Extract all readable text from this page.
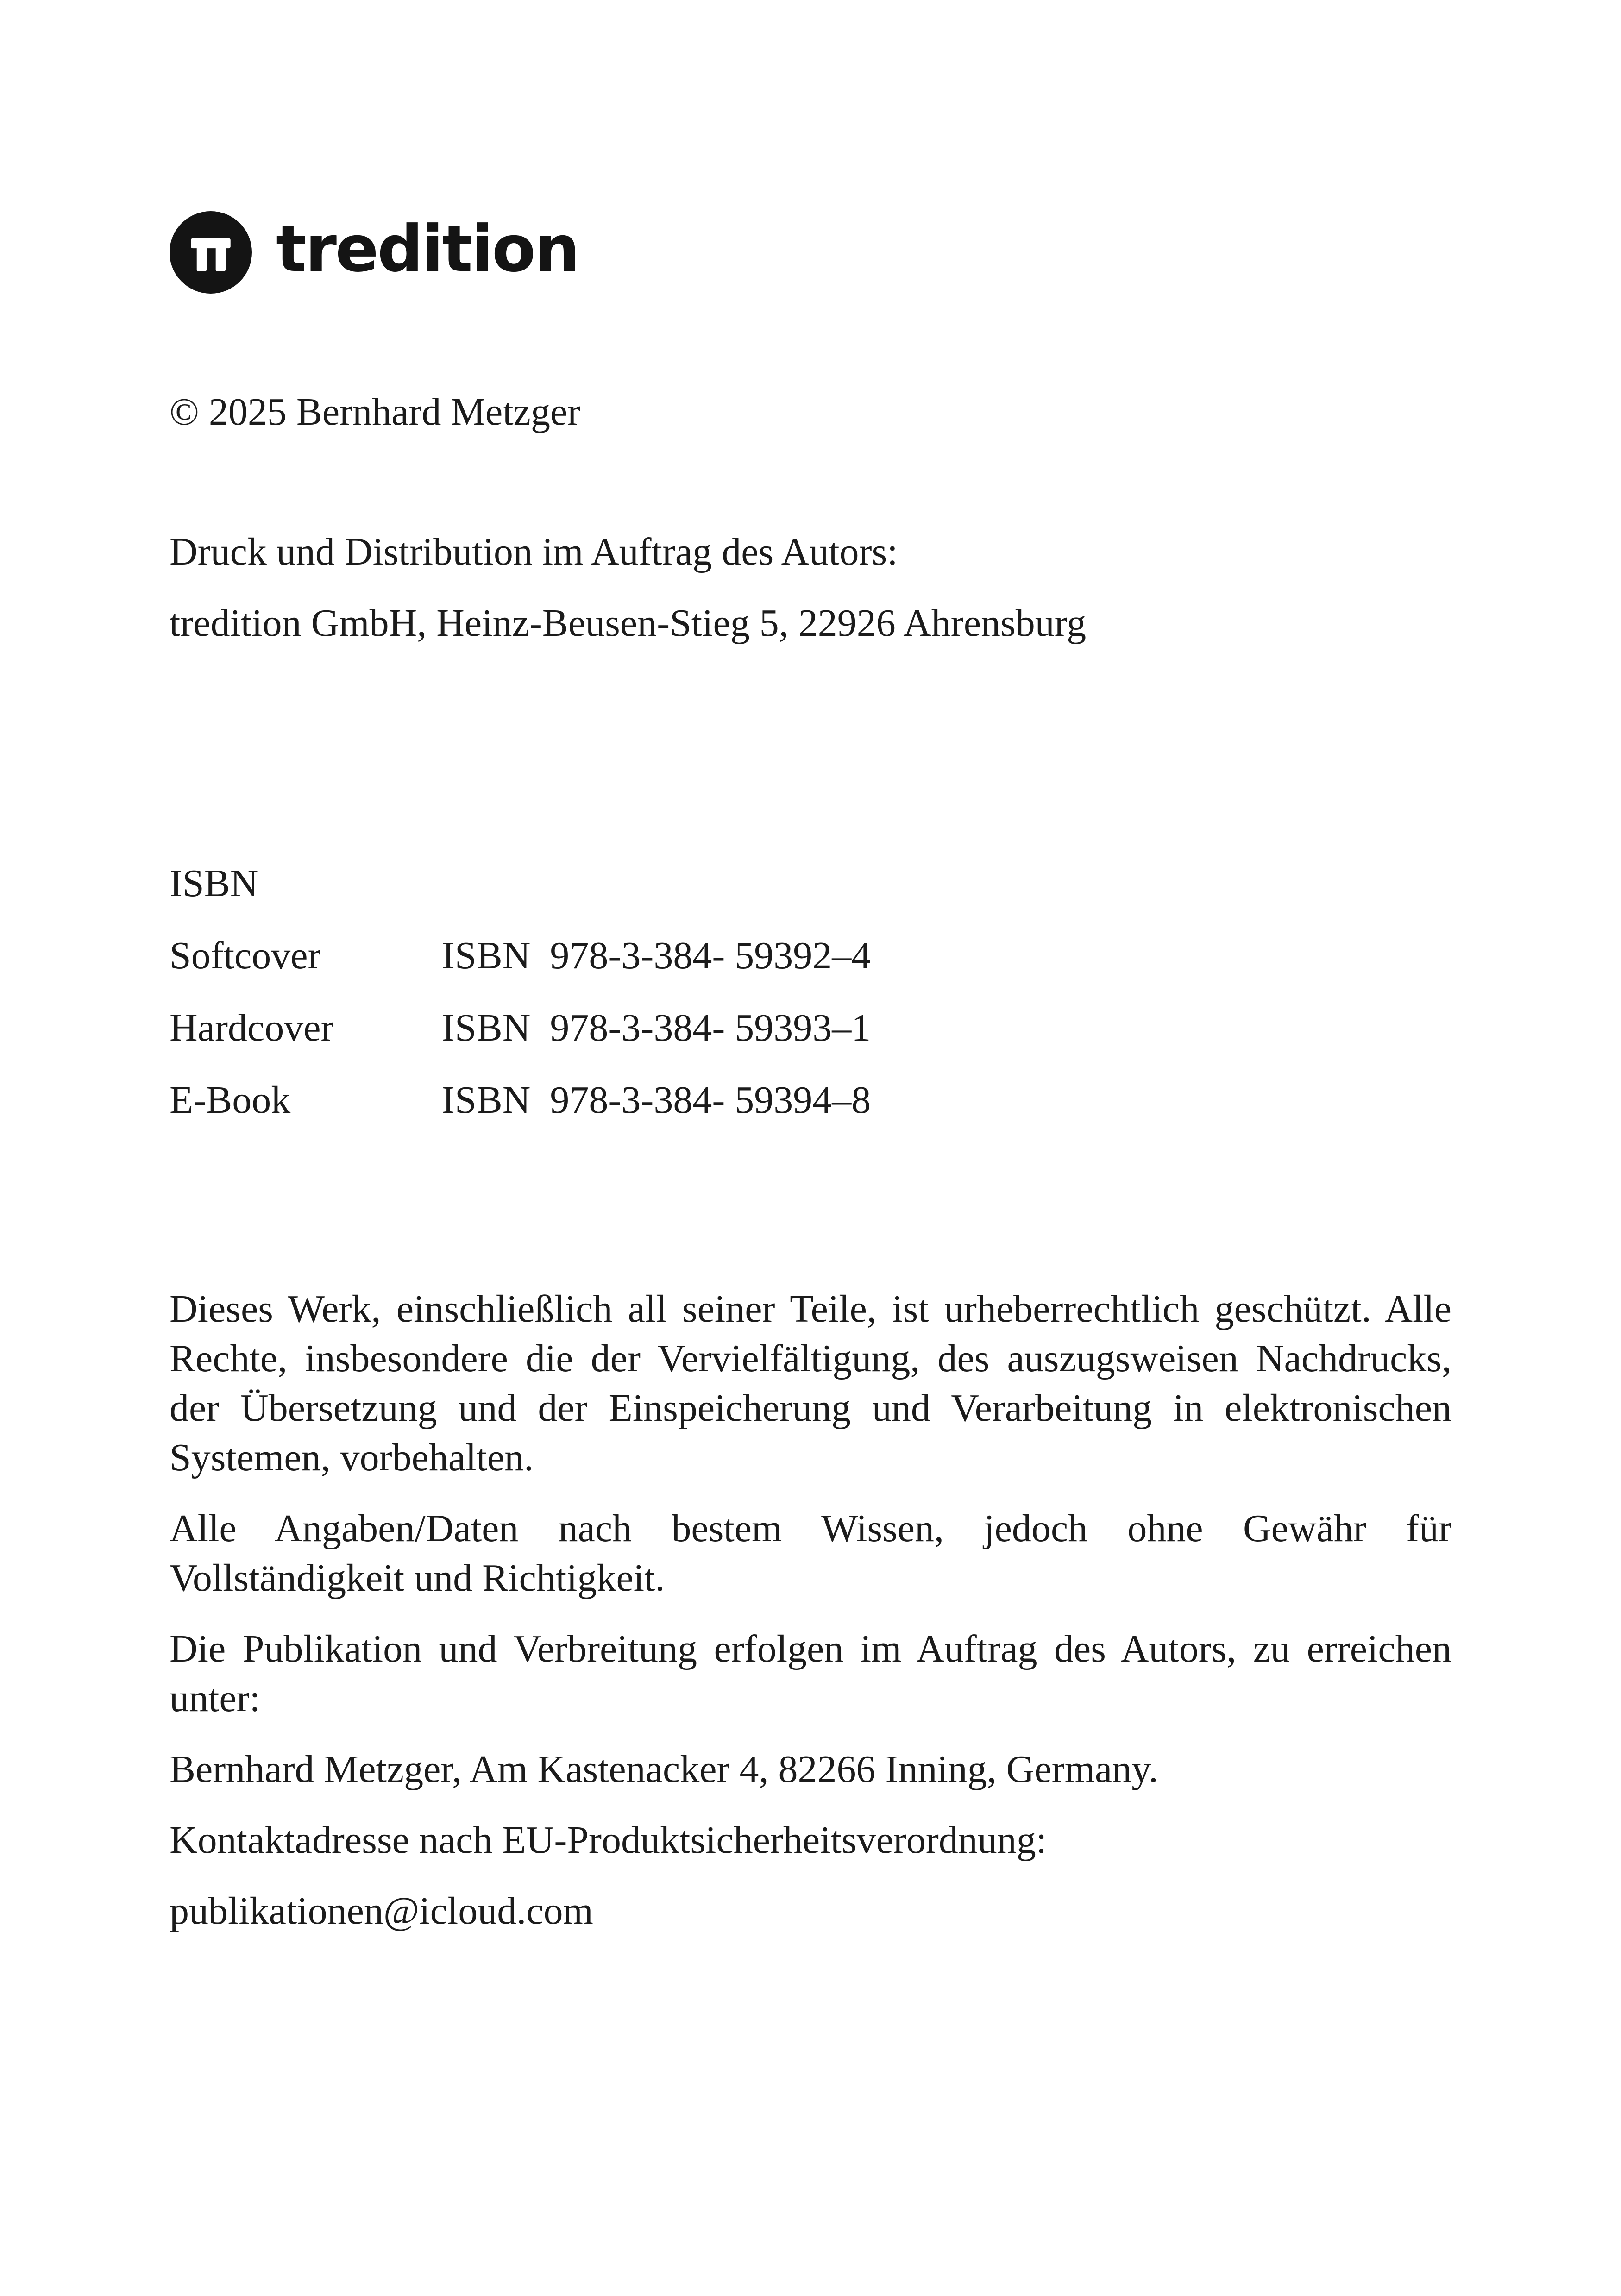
tredition
© 2025 Bernhard Metzger
Druck und Distribution im Auftrag des Autors:
tredition GmbH, Heinz-Beusen-Stieg 5, 22926 Ahrensburg
ISBN
Softcover	ISBN  978-3-384- 59392–4
Hardcover	ISBN  978-3-384- 59393–1
E-Book	ISBN  978-3-384- 59394–8

Dieses Werk, einschließlich all seiner Teile, ist urheberrechtlich geschützt. Alle Rechte, insbesondere die der Vervielfältigung, des auszugsweisen Nachdrucks, der Übersetzung und der Einspeicherung und Verarbeitung in elektronischen Systemen, vorbehalten.

Alle Angaben/Daten nach bestem Wissen, jedoch ohne Gewähr für Vollständigkeit und Richtigkeit.

Die Publikation und Verbreitung erfolgen im Auftrag des Autors, zu erreichen unter:

Bernhard Metzger, Am Kastenacker 4, 82266 Inning, Germany.

Kontaktadresse nach EU-Produktsicherheitsverordnung:

publikationen@icloud.com
